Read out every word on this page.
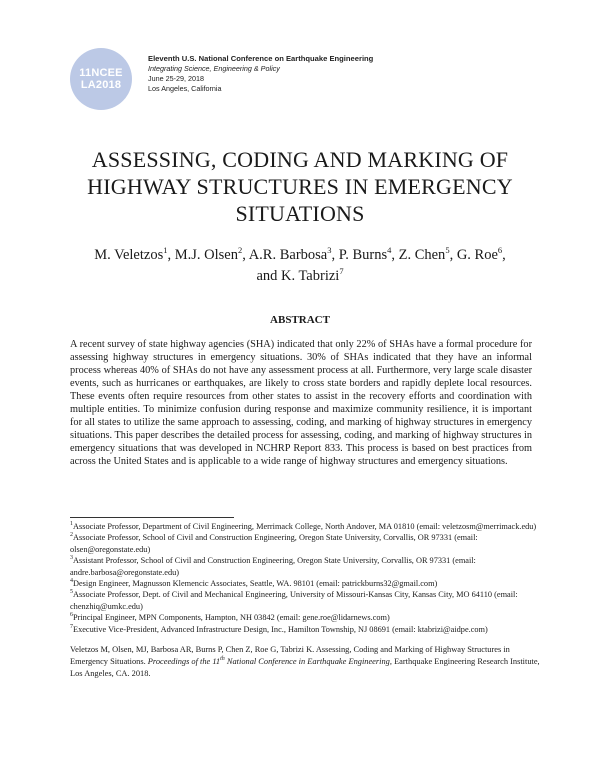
11NCEE
LA2018
Eleventh U.S. National Conference on Earthquake Engineering
Integrating Science, Engineering & Policy
June 25-29, 2018
Los Angeles, California
ASSESSING, CODING AND MARKING OF HIGHWAY STRUCTURES IN EMERGENCY SITUATIONS
M. Veletzos$^1$, M.J. Olsen$^2$, A.R. Barbosa$^3$, P. Burns$^4$, Z. Chen$^5$, G. Roe$^6$,
and K. Tabrizi$^7$
ABSTRACT

A recent survey of state highway agencies (SHA) indicated that only 22% of SHAs have a formal procedure for assessing highway structures in emergency situations. 30% of SHAs indicated that they have an informal process whereas 40% of SHAs do not have any assessment process at all. Furthermore, very large scale disaster events, such as hurricanes or earthquakes, are likely to cross state borders and rapidly deplete local resources. These events often require resources from other states to assist in the recovery efforts and coordination with multiple entities. To minimize confusion during response and maximize community resilience, it is important for all states to utilize the same approach to assessing, coding, and marking of highway structures in emergency situations. This paper describes the detailed process for assessing, coding, and marking of highway structures in emergency situations that was developed in NCHRP Report 833. This process is based on best practices from across the United States and is applicable to a wide range of highway structures and emergency situations.

$^1$Associate Professor, Department of Civil Engineering, Merrimack College, North Andover, MA 01810 (email: veletzosm@merrimack.edu)

$^2$Associate Professor, School of Civil and Construction Engineering, Oregon State University, Corvallis, OR 97331 (email: olsen@oregonstate.edu)

$^3$Assistant Professor, School of Civil and Construction Engineering, Oregon State University, Corvallis, OR 97331 (email: andre.barbosa@oregonstate.edu)

$^4$Design Engineer, Magnusson Klemencic Associates, Seattle, WA. 98101 (email: patrickburns32@gmail.com)

$^5$Associate Professor, Dept. of Civil and Mechanical Engineering, University of Missouri-Kansas City, Kansas City, MO 64110 (email: chenzhiq@umkc.edu)

$^6$Principal Engineer, MPN Components, Hampton, NH 03842 (email: gene.roe@lidarnews.com)

$^7$Executive Vice-President, Advanced Infrastructure Design, Inc., Hamilton Township, NJ 08691 (email: ktabrizi@aidpe.com)

Veletzos M, Olsen, MJ, Barbosa AR, Burns P, Chen Z, Roe G, Tabrizi K. Assessing, Coding and Marking of Highway Structures in Emergency Situations. Proceedings of the 11th National Conference in Earthquake Engineering, Earthquake Engineering Research Institute, Los Angeles, CA. 2018.
